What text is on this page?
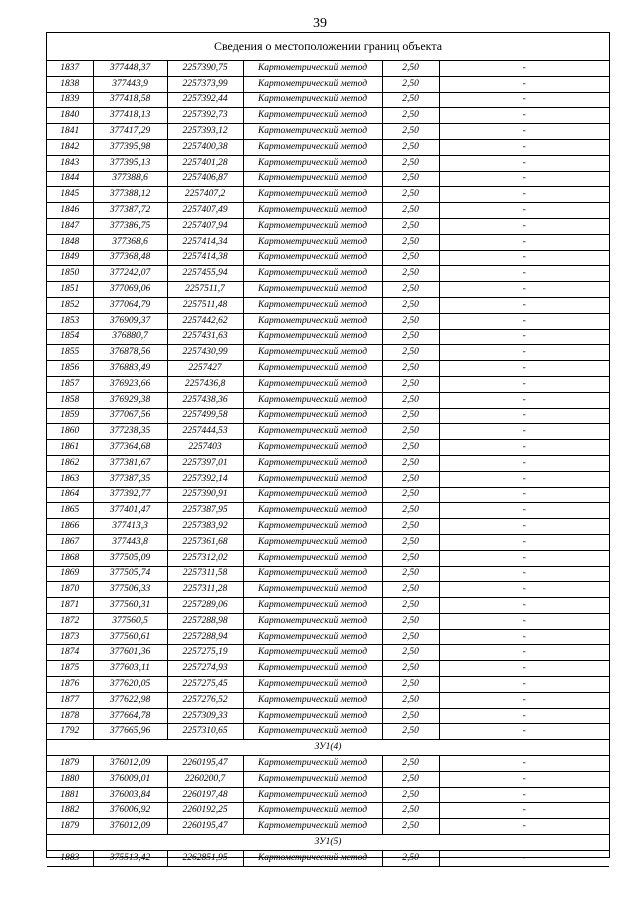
39
Сведения о местоположении границ объекта
1837	377448,37	2257390,75	Картометрический метод	2,50	-
1838	377443,9	2257373,99	Картометрический метод	2,50	-
1839	377418,58	2257392,44	Картометрический метод	2,50	-
1840	377418,13	2257392,73	Картометрический метод	2,50	-
1841	377417,29	2257393,12	Картометрический метод	2,50	-
1842	377395,98	2257400,38	Картометрический метод	2,50	-
1843	377395,13	2257401,28	Картометрический метод	2,50	-
1844	377388,6	2257406,87	Картометрический метод	2,50	-
1845	377388,12	2257407,2	Картометрический метод	2,50	-
1846	377387,72	2257407,49	Картометрический метод	2,50	-
1847	377386,75	2257407,94	Картометрический метод	2,50	-
1848	377368,6	2257414,34	Картометрический метод	2,50	-
1849	377368,48	2257414,38	Картометрический метод	2,50	-
1850	377242,07	2257455,94	Картометрический метод	2,50	-
1851	377069,06	2257511,7	Картометрический метод	2,50	-
1852	377064,79	2257511,48	Картометрический метод	2,50	-
1853	376909,37	2257442,62	Картометрический метод	2,50	-
1854	376880,7	2257431,63	Картометрический метод	2,50	-
1855	376878,56	2257430,99	Картометрический метод	2,50	-
1856	376883,49	2257427	Картометрический метод	2,50	-
1857	376923,66	2257436,8	Картометрический метод	2,50	-
1858	376929,38	2257438,36	Картометрический метод	2,50	-
1859	377067,56	2257499,58	Картометрический метод	2,50	-
1860	377238,35	2257444,53	Картометрический метод	2,50	-
1861	377364,68	2257403	Картометрический метод	2,50	-
1862	377381,67	2257397,01	Картометрический метод	2,50	-
1863	377387,35	2257392,14	Картометрический метод	2,50	-
1864	377392,77	2257390,91	Картометрический метод	2,50	-
1865	377401,47	2257387,95	Картометрический метод	2,50	-
1866	377413,3	2257383,92	Картометрический метод	2,50	-
1867	377443,8	2257361,68	Картометрический метод	2,50	-
1868	377505,09	2257312,02	Картометрический метод	2,50	-
1869	377505,74	2257311,58	Картометрический метод	2,50	-
1870	377506,33	2257311,28	Картометрический метод	2,50	-
1871	377560,31	2257289,06	Картометрический метод	2,50	-
1872	377560,5	2257288,98	Картометрический метод	2,50	-
1873	377560,61	2257288,94	Картометрический метод	2,50	-
1874	377601,36	2257275,19	Картометрический метод	2,50	-
1875	377603,11	2257274,93	Картометрический метод	2,50	-
1876	377620,05	2257275,45	Картометрический метод	2,50	-
1877	377622,98	2257276,52	Картометрический метод	2,50	-
1878	377664,78	2257309,33	Картометрический метод	2,50	-
1792	377665,96	2257310,65	Картометрический метод	2,50	-
ЗУ1(4)					
1879	376012,09	2260195,47	Картометрический метод	2,50	-
1880	376009,01	2260200,7	Картометрический метод	2,50	-
1881	376003,84	2260197,48	Картометрический метод	2,50	-
1882	376006,92	2260192,25	Картометрический метод	2,50	-
1879	376012,09	2260195,47	Картометрический метод	2,50	-
ЗУ1(5)					
1883	375513,42	2262851,95	Картометрический метод	2,50	-
